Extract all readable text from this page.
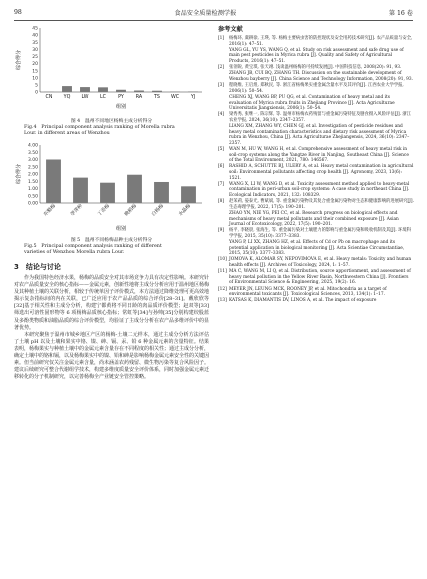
98	食品安全质量检测学报	第 16 卷
综合得分
45
40
35
30
25
20
15
10
5
0
CN YQ LW LC	PY RA TS WC YJ
组别
图 4　温州不同地区杨梅主成分析得分
Fig.4　Principal component analysis ranking of Morella rubra
Lour. in different areas of Wenzhou
综合得分
4.00
3.50
3.00
2.50
2.00
1.50
1.00
0.50
0.00 东魁梅	荸荠种	丁岙梅	晚稻梅	白杨梅	水晶梅
组别
图 5　温州不同杨梅品种主成分析得分
Fig.5　Principal component analysis ranking of different
varieties of Wenzhou Morella rubra Lour.
3　结论与讨论

作为我国特色经济水果，杨梅的品质安全对其市场竞争力具有决定性影响。本研究针对农产品质量安全的核心指标——金属元素，创新性地将主成分分析应用于温州地区杨梅及其种植土壤的关联分析，相较于传统单因子评价模式，本方法通过降维处理可更高效地揭示复杂指标间的内在关联，已广泛应用于农产品品质的综合评价[28–31]。戴欣欣等[32]基于相关性和主成分分析，构建宁都黄将不同日龄的肉品质评价模型；赵双等[33]筛选出可溶性固形物等 6 项杨梅品质核心指标；常虹等[34]与孙帅[35]分别构建绞股蓝及多酚类物质和油脂品质的综合评价模型，均验证了主成分分析在农产品多维评价中的显著优势。

本研究聚焦于温州市城乡地区产区的杨梅-土壤二元样本，通过主成分分析方法评估了土壤 pH 以及土壤和果实中铬、镍、砷、镉、汞、铅 6 种金属元素的含量特征。结果表明，杨梅果实与种植土壤中的金属元素含量存在不同程度的相关性；通过主成分分析，确定土壤中的铬和镉，以及杨梅果实中的镍、铅和砷是影响杨梅金属元素安全性的关键因素。但当前研究仅关注金属元素含量，尚未涵盖农药残留、微生物污染等复合风险因子。建议后续研究可整合代谢组学技术，构建多维度质量安全评价体系，同时加强金属元素迁移转化的分子机制研究，以完善杨梅全产业链安全管控策略。

参考文献
[1]	杨梅环, 虞耕徐, 王瑛, 等. 杨梅主要病虫害的防控现状及安全用药技术研究[J]. 农产品质量与安全, 2016(1): 47–51.
YANG GL, YU YS, WANG Q, et al. Study on risk assessment and safe drug use of main pest pesticides in Myrica rubra [J]. Quality and Safety of Agricultural Products, 2016(1): 47–51.
[2]	张翎锐, 黄宝琪, 张天翊. 浅谈温州杨梅的可持续发展[J]. 中国科技信息, 2008(20): 91, 93.
ZHANG JB, CUI BQ, ZHANG TH. Discussion on the sustainable development of Wenzhou bayberry [J]. China Science and Technology Information, 2008(20): 91, 93.
[3]	程晓维, 王启煌, 郑秋民, 等. 浙江省杨梅果实重金属含量水平及其评价[J]. 江西农业大学学报, 2006(1): 50–54.
CHENG XJ, WANG BP, PU QG, et al. Contamination of heavy metal and its evaluation of Myrica rubra fruits in Zhejiang Province [J]. Acta Agriculturae Universitatis Jiangxiensis, 2006(1): 50–54.
[4]	梁秀秀, 张继一, 陈宗辉, 等. 温州市杨梅农药残留与重金属污染特征及膳食摄入风险评估[J]. 浙江农业学报, 2024, 36(10): 2347–2357.
LIANG XM, ZHANG WY, CHEN GJ, et al. Investigation of pesticide residues and heavy metal contamination characteristics and dietary risk assessment of Myrica rubra in Wenzhou, China [J]. Acta Agriculturae Zhejiangensis, 2024, 36(10): 2347–2357.
[5]	WAN M, HU W, WANG H, et al. Comprehensive assessment of heavy metal risk in soil-crop systems along the Yangtze River in Nanjing, Southeast China [J]. Science of the Total Environment, 2021, 780: 146567.
[6]	RASHID A, SCHUTTE BJ, ULERY A, et al. Heavy metal contamination in agricultural soil: Environmental pollutants affecting crop health [J]. Agronomy, 2023, 13(6): 1521.
[7]	WANG X, LI W, WANG D, et al. Toxicity assessment method applied to heavy-metal contamination in peri-urban soil-crop systems: A case study in northeast China [J]. Ecological Indicators, 2021, 132: 108329.
[8]	赵茉莉, 晏泰光, 曹斌斌, 等. 重金属污染物及其复合重金属污染物对生态和健康影响的进展研究[J]. 生态毒理学报, 2022, 17(5): 190–201.
ZHAO YN, NIE YG, PEI CC, et al. Research progress on biological effects and mechanisms of heavy metal pollutants and their combined exposure [J]. Asian Journal of Ecotoxicology, 2022, 17(5): 190–201.
[9]	杨平, 李晓晨, 张海生, 等. 重金属污染对土壤肥力的影响与重金属污染和吸收机制及其[J]. 环境科学学报, 2015, 35(10): 3377–3383.
YANG P, LI XX, ZHANG HZ, et al. Effects of Cd or Pb on macrophage and its potential application in biological monitoring [J]. Acta Scientiae Circumstantiae, 2015, 35(10): 3377–3383.
[10] JOMOVA K, ALOMAR SY, NEPOVIMOVA E, et al. Heavy metals: Toxicity and human health effects [J]. Archives of Toxicology, 2024, 1: 1–57.
[11] MA C, WANG M, LI Q, et al. Distribution, source apportionment, and assessment of heavy metal pollution in the Yellow River Basin, Northwestern China [J]. Frontiers of Environmental Science & Engineering, 2025, 19(2): 16.
[12] MEYER JN, LEUNG MCK, ROONEY JP, et al. Mitochondria as a target of environmental toxicants [J]. Toxicological Sciences, 2013, 134(1): 1–17.
[13] KATSAS K, DIAMANTIS DV, LINOS A, et al. The impact of exposure
